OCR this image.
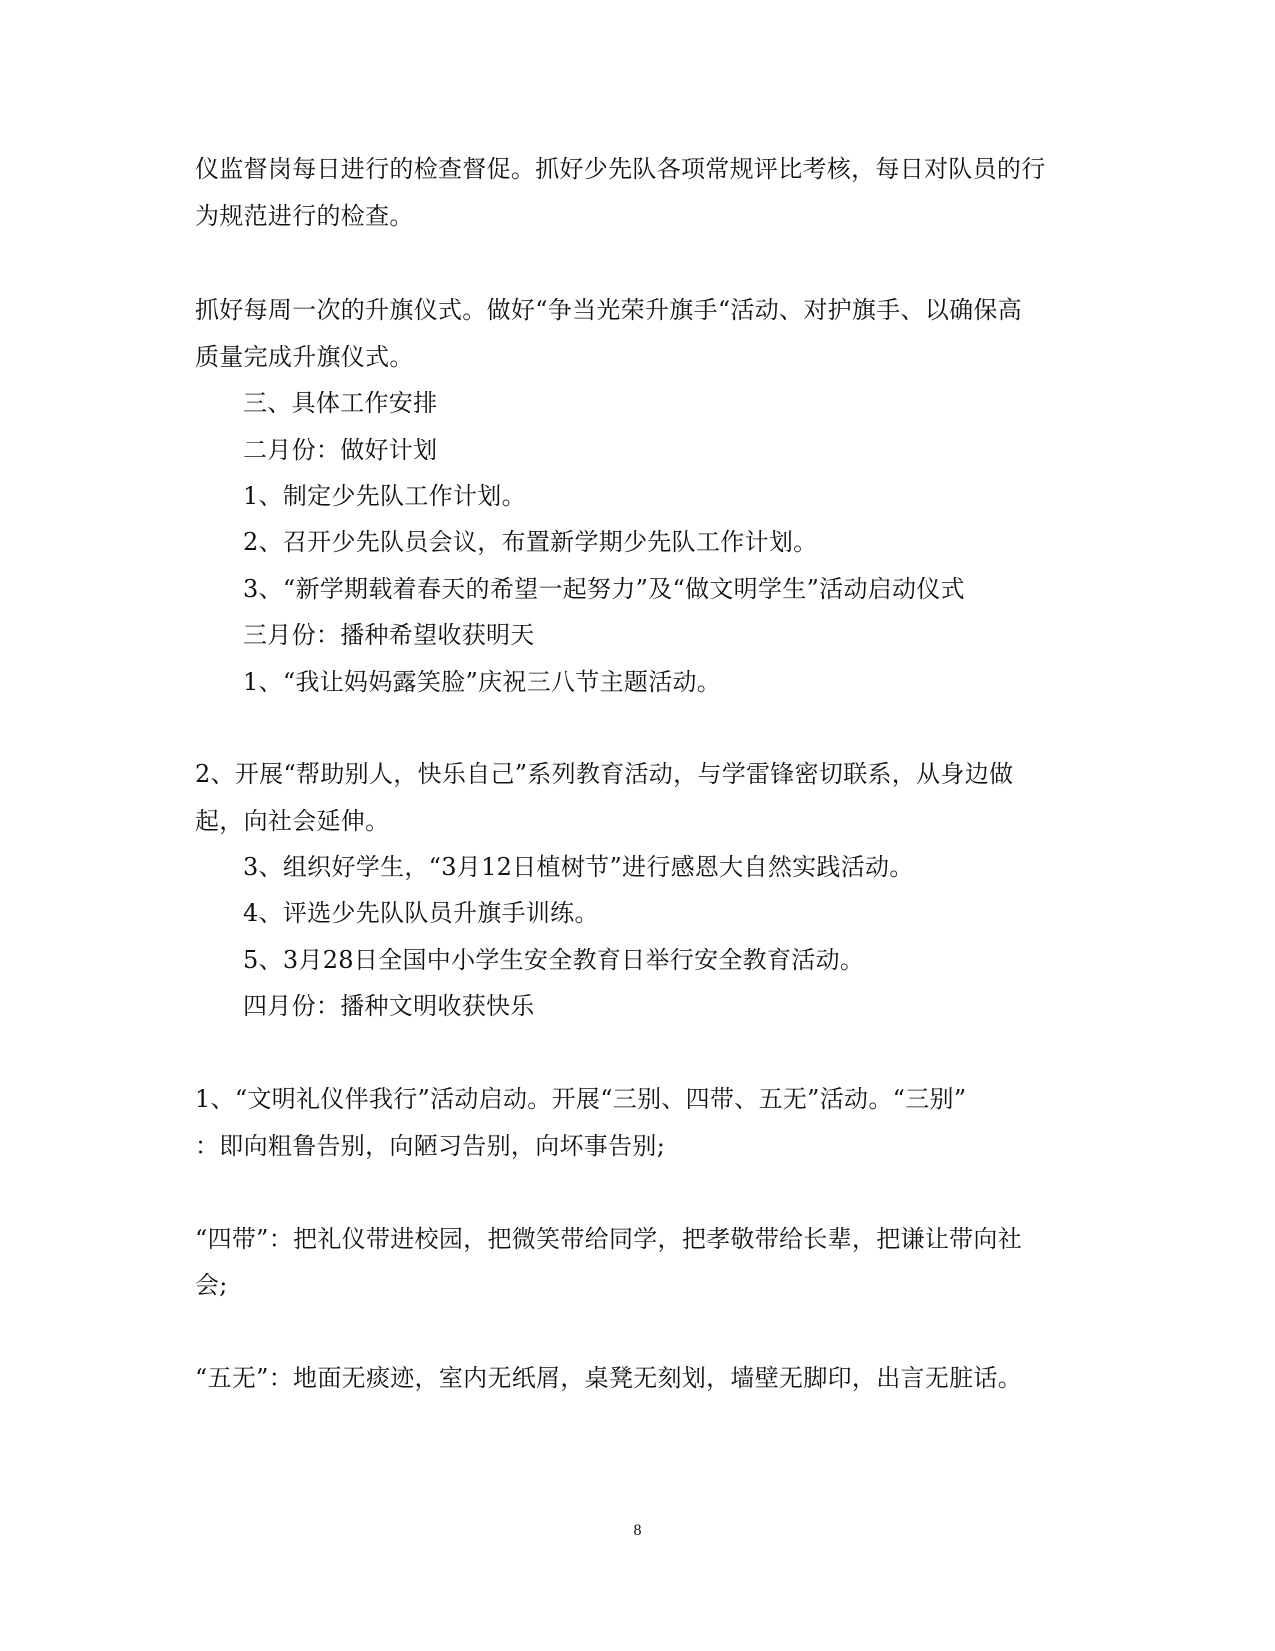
仪监督岗每日进行的检查督促。抓好少先队各项常规评比考核，每日对队员的行
为规范进行的检查。
抓好每周一次的升旗仪式。做好“争当光荣升旗手“活动、对护旗手、以确保高
质量完成升旗仪式。
三、具体工作安排
二月份：做好计划
1、制定少先队工作计划。
2、召开少先队员会议，布置新学期少先队工作计划。
3、“新学期载着春天的希望一起努力”及“做文明学生”活动启动仪式
三月份：播种希望收获明天
1、“我让妈妈露笑脸”庆祝三八节主题活动。
2、开展“帮助别人，快乐自己”系列教育活动，与学雷锋密切联系，从身边做
起，向社会延伸。
3、组织好学生，“3月12日植树节”进行感恩大自然实践活动。
4、评选少先队队员升旗手训练。
5、3月28日全国中小学生安全教育日举行安全教育活动。
四月份：播种文明收获快乐
1、“文明礼仪伴我行”活动启动。开展“三别、四带、五无”活动。“三别”
：即向粗鲁告别，向陋习告别，向坏事告别;
“四带”：把礼仪带进校园，把微笑带给同学，把孝敬带给长辈，把谦让带向社
会;
“五无”：地面无痰迹，室内无纸屑，桌凳无刻划，墙壁无脚印，出言无脏话。
8
